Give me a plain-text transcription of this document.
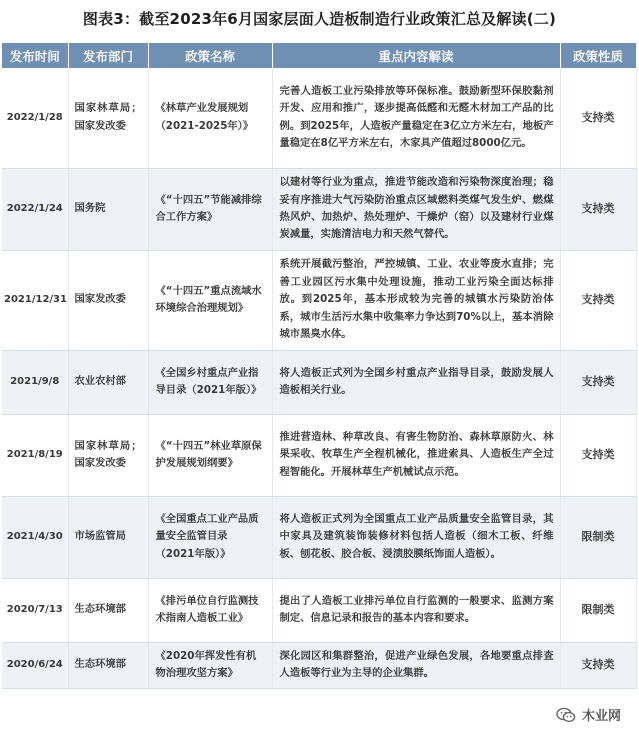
图表3：截至2023年6月国家层面人造板制造行业政策汇总及解读(二)
发布时间	发布部门	政策名称	重点内容解读	政策性质
2022/1/28	国家林草局；国家发改委	《林草产业发展规划（2021-2025年）》	完善人造板工业污染排放等环保标准。鼓励新型环保胶黏剂开发、应用和推广，逐步提高低醛和无醛木材加工产品的比例。到2025年，人造板产量稳定在3亿立方米左右，地板产量稳定在8亿平方米左右，木家具产值超过8000亿元。	支持类
2022/1/24	国务院	《“十四五”节能减排综合工作方案》	以建材等行业为重点，推进节能改造和污染物深度治理；稳妥有序推进大气污染防治重点区域燃料类煤气发生炉、燃煤热风炉、加热炉、热处理炉、干燥炉（窑）以及建材行业煤炭减量，实施清洁电力和天然气替代。	支持类
2021/12/31	国家发改委	《“十四五”重点流域水环境综合治理规划》	系统开展截污整治，严控城镇、工业、农业等废水直排；完善工业园区污水集中处理设施，推动工业污染全面达标排放。到2025年，基本形成较为完善的城镇水污染防治体系，城市生活污水集中收集率力争达到70%以上，基本消除城市黑臭水体。	支持类
2021/9/8	农业农村部	《全国乡村重点产业指导目录（2021年版）》	将人造板正式列为全国乡村重点产业指导目录，鼓励发展人造板相关行业。	支持类
2021/8/19	国家林草局；国家发改委	《“十四五”林业草原保护发展规划纲要》	推进营造林、种草改良、有害生物防治、森林草原防火、林果采收、牧草生产全程机械化，推进索具、人造板生产全过程智能化。开展林草生产机械试点示范。	支持类
2021/4/30	市场监管局	《全国重点工业产品质量安全监管目录（2021年版）》	将人造板正式列为全国重点工业产品质量安全监管目录，其中家具及建筑装饰装修材料包括人造板（细木工板、纤维板、刨花板、胶合板、浸渍胶膜纸饰面人造板）。	限制类
2020/7/13	生态环境部	《排污单位自行监测技术指南人造板工业》	提出了人造板工业排污单位自行监测的一般要求、监测方案制定、信息记录和报告的基本内容和要求。	限制类
2020/6/24	生态环境部	《2020年挥发性有机物治理攻坚方案》	深化园区和集群整治，促进产业绿色发展，各地要重点排查人造板等行业为主导的企业集群。	支持类
木业网
